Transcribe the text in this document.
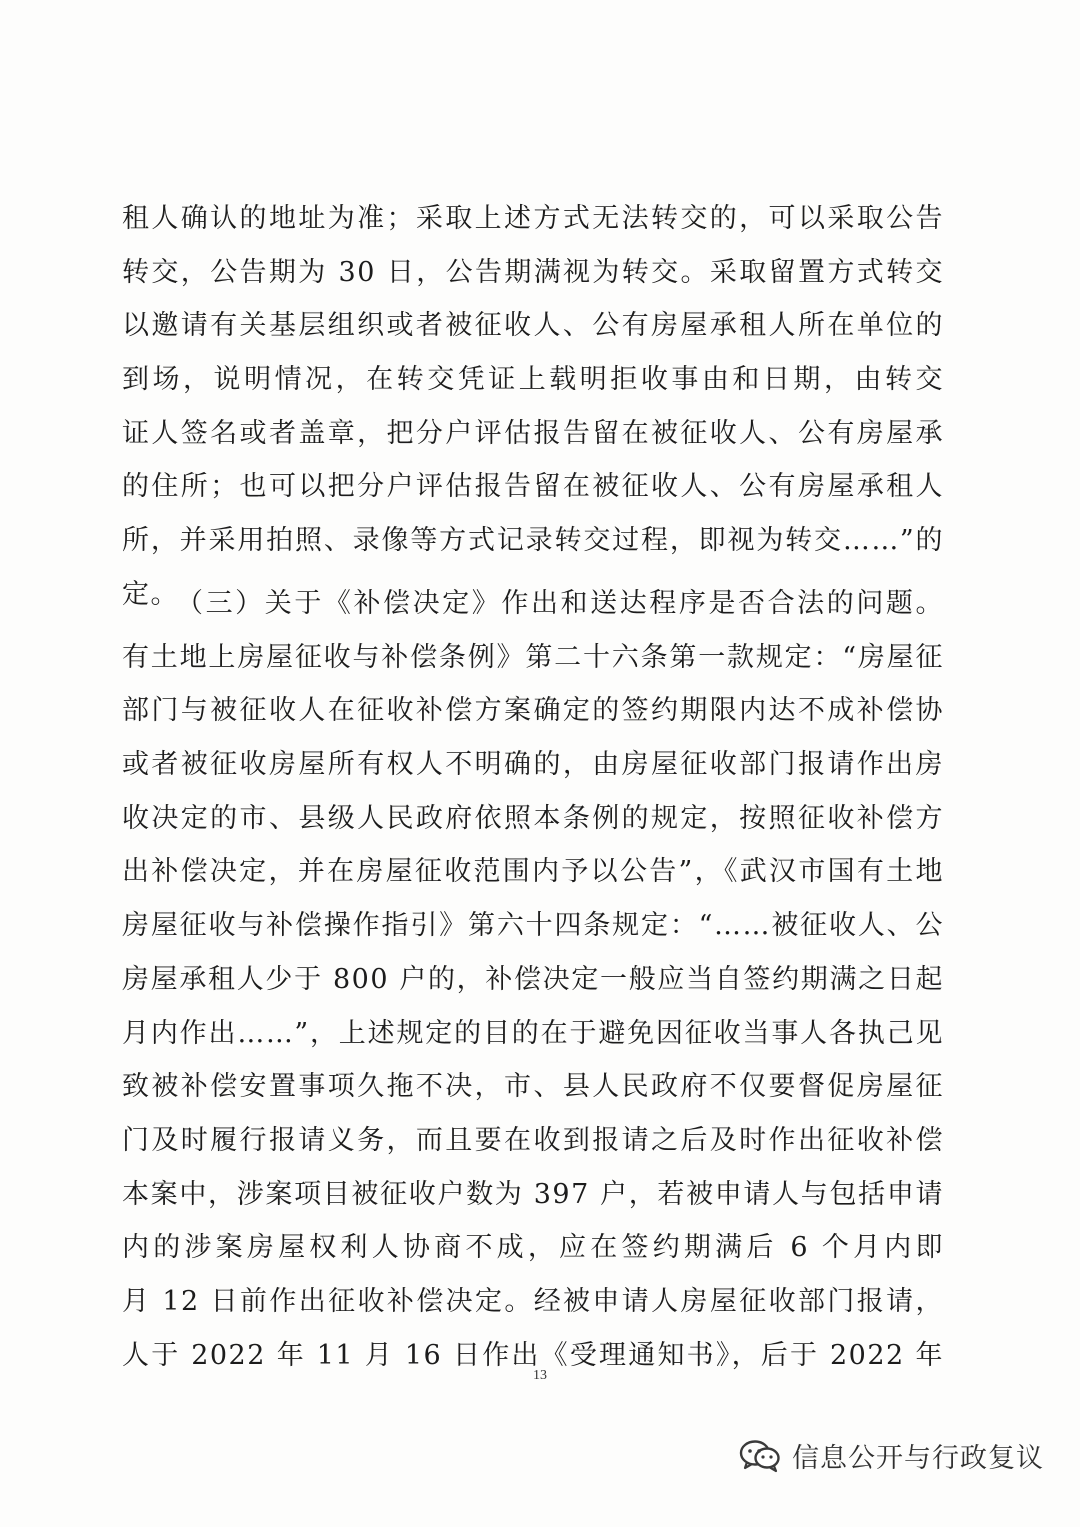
租人确认的地址为准；采取上述方式无法转交的，可以采取公告
转交，公告期为 30 日，公告期满视为转交。采取留置方式转交
以邀请有关基层组织或者被征收人、公有房屋承租人所在单位的
到场，说明情况，在转交凭证上载明拒收事由和日期，由转交
证人签名或者盖章，把分户评估报告留在被征收人、公有房屋承
的住所；也可以把分户评估报告留在被征收人、公有房屋承租人
所，并采用拍照、录像等方式记录转交过程，即视为转交……”的
定。
（三）关于《补偿决定》作出和送达程序是否合法的问题。
有土地上房屋征收与补偿条例》第二十六条第一款规定：“房屋征
部门与被征收人在征收补偿方案确定的签约期限内达不成补偿协
或者被征收房屋所有权人不明确的，由房屋征收部门报请作出房
收决定的市、县级人民政府依照本条例的规定，按照征收补偿方
出补偿决定，并在房屋征收范围内予以公告”，《武汉市国有土地
房屋征收与补偿操作指引》第六十四条规定：“……被征收人、公
房屋承租人少于 800 户的，补偿决定一般应当自签约期满之日起
月内作出……”，上述规定的目的在于避免因征收当事人各执己见
致被补偿安置事项久拖不决，市、县人民政府不仅要督促房屋征
门及时履行报请义务，而且要在收到报请之后及时作出征收补偿
本案中，涉案项目被征收户数为 397 户，若被申请人与包括申请
内的涉案房屋权利人协商不成，应在签约期满后 6 个月内即
月 12 日前作出征收补偿决定。经被申请人房屋征收部门报请，
人于 2022 年 11 月 16 日作出《受理通知书》，后于 2022 年
13
信息公开与行政复议
